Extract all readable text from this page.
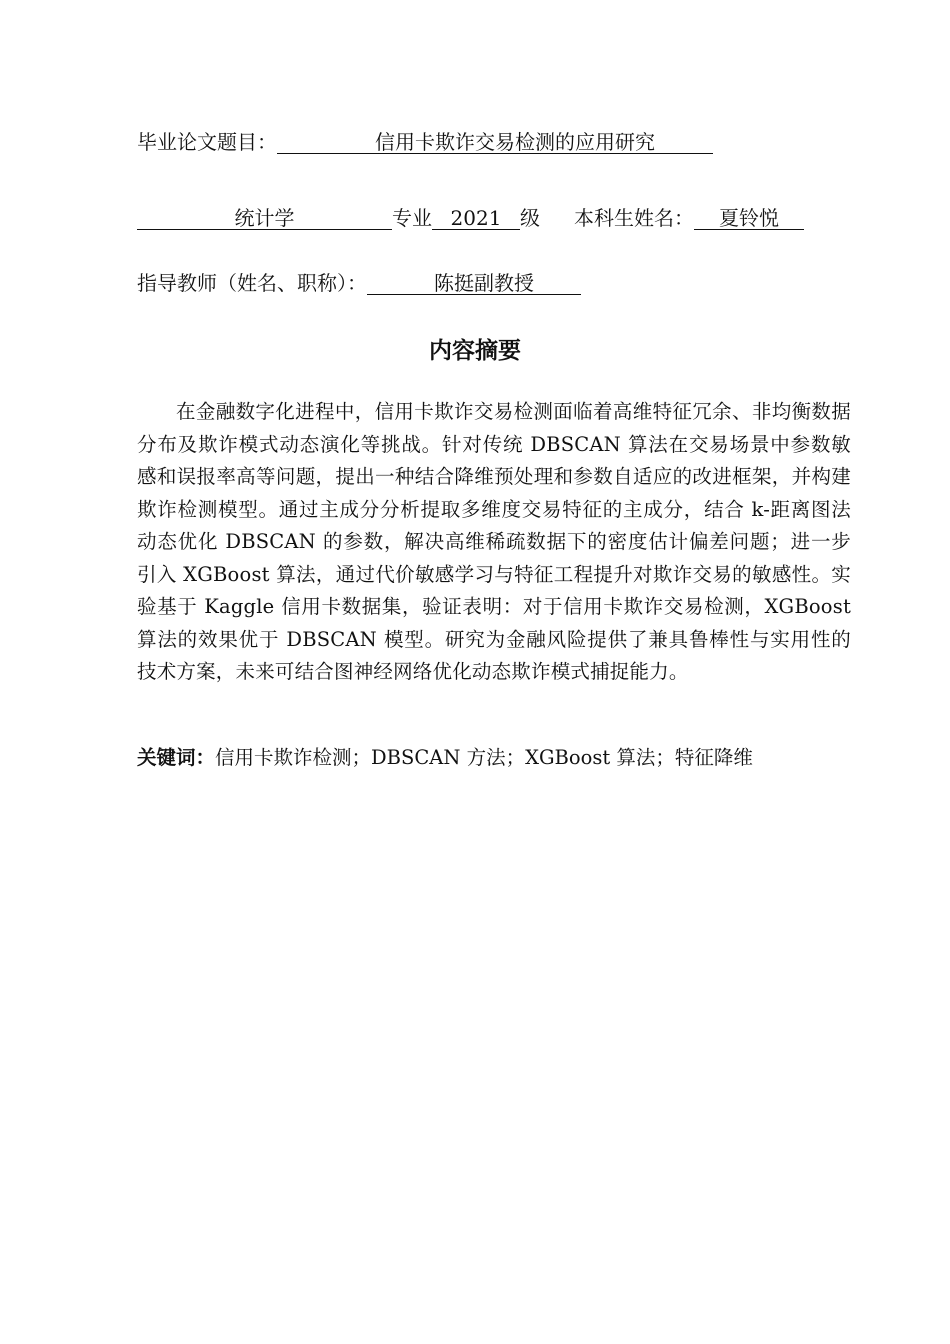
毕业论文题目：	信用卡欺诈交易检测的应用研究
统计学	专业 2021 级 本科生姓名： 夏铃悦
指导教师（姓名、职称）：	陈挺副教授
内容摘要
在金融数字化进程中，信用卡欺诈交易检测面临着高维特征冗余、非均衡数据分布及欺诈模式动态演化等挑战。针对传统 DBSCAN 算法在交易场景中参数敏感和误报率高等问题，提出一种结合降维预处理和参数自适应的改进框架，并构建欺诈检测模型。通过主成分分析提取多维度交易特征的主成分，结合 k-距离图法动态优化 DBSCAN 的参数，解决高维稀疏数据下的密度估计偏差问题；进一步引入 XGBoost 算法，通过代价敏感学习与特征工程提升对欺诈交易的敏感性。实验基于 Kaggle 信用卡数据集，验证表明：对于信用卡欺诈交易检测，XGBoost 算法的效果优于 DBSCAN 模型。研究为金融风险提供了兼具鲁棒性与实用性的技术方案，未来可结合图神经网络优化动态欺诈模式捕捉能力。
关键词：信用卡欺诈检测；DBSCAN 方法；XGBoost 算法；特征降维
